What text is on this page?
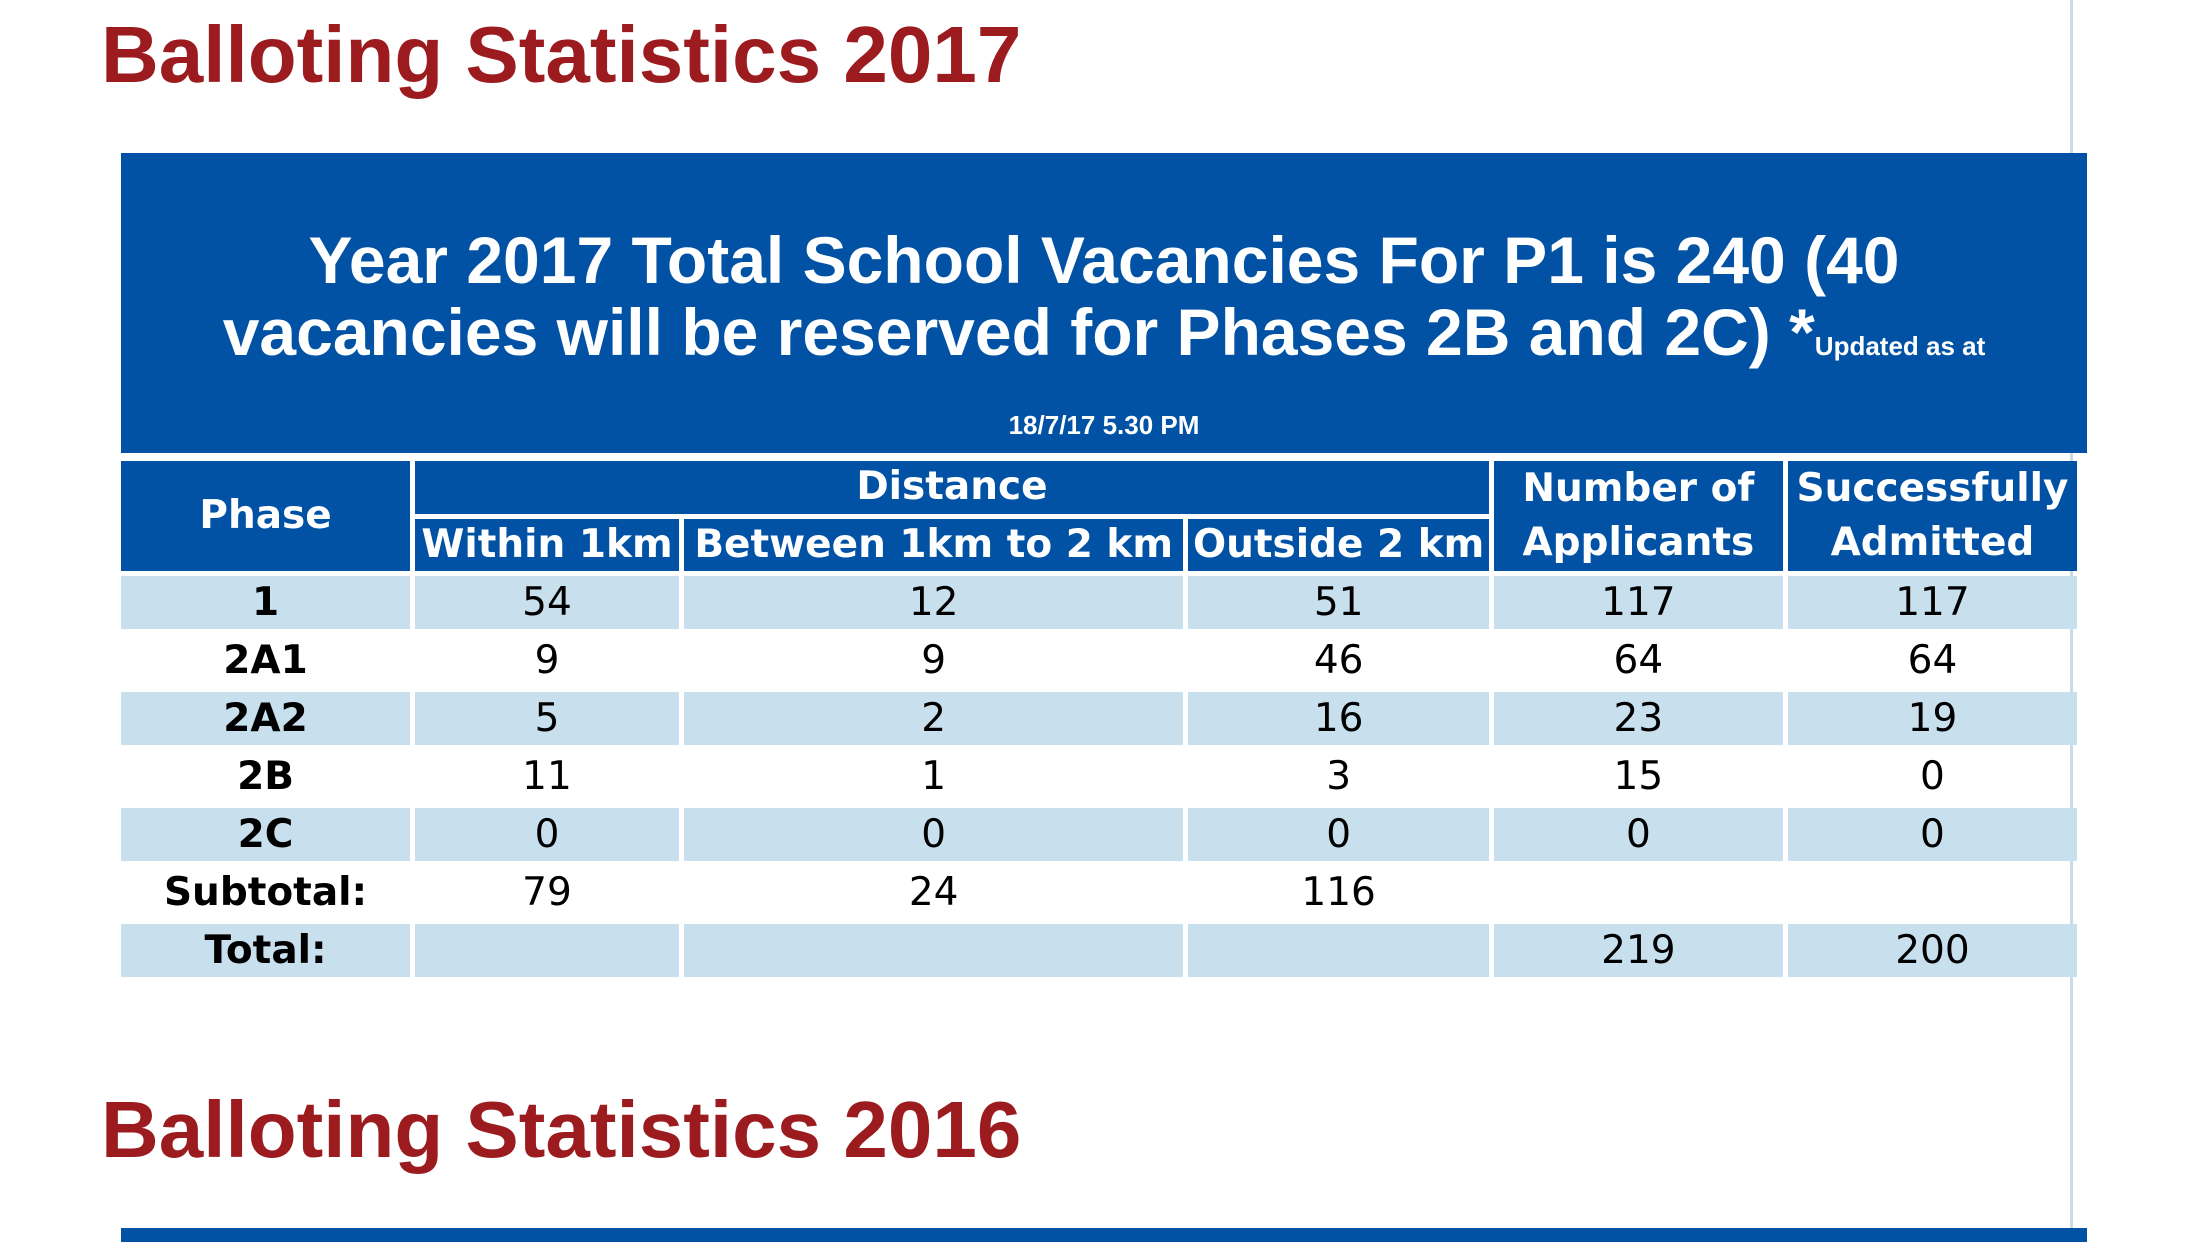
Balloting Statistics 2017
Year 2017 Total School Vacancies For P1 is 240 (40
vacancies will be reserved for Phases 2B and 2C) *Updated as at
18/7/17 5.30 PM
Phase	Distance			Number of Applicants	Successfully Admitted
	Within 1km	Between 1km to 2 km	Outside 2 km		
1	54	12	51	117	117
2A1	9	9	46	64	64
2A2	5	2	16	23	19
2B	11	1	3	15	0
2C	0	0	0	0	0
Subtotal:	79	24	116		
Total:				219	200
Balloting Statistics 2016
